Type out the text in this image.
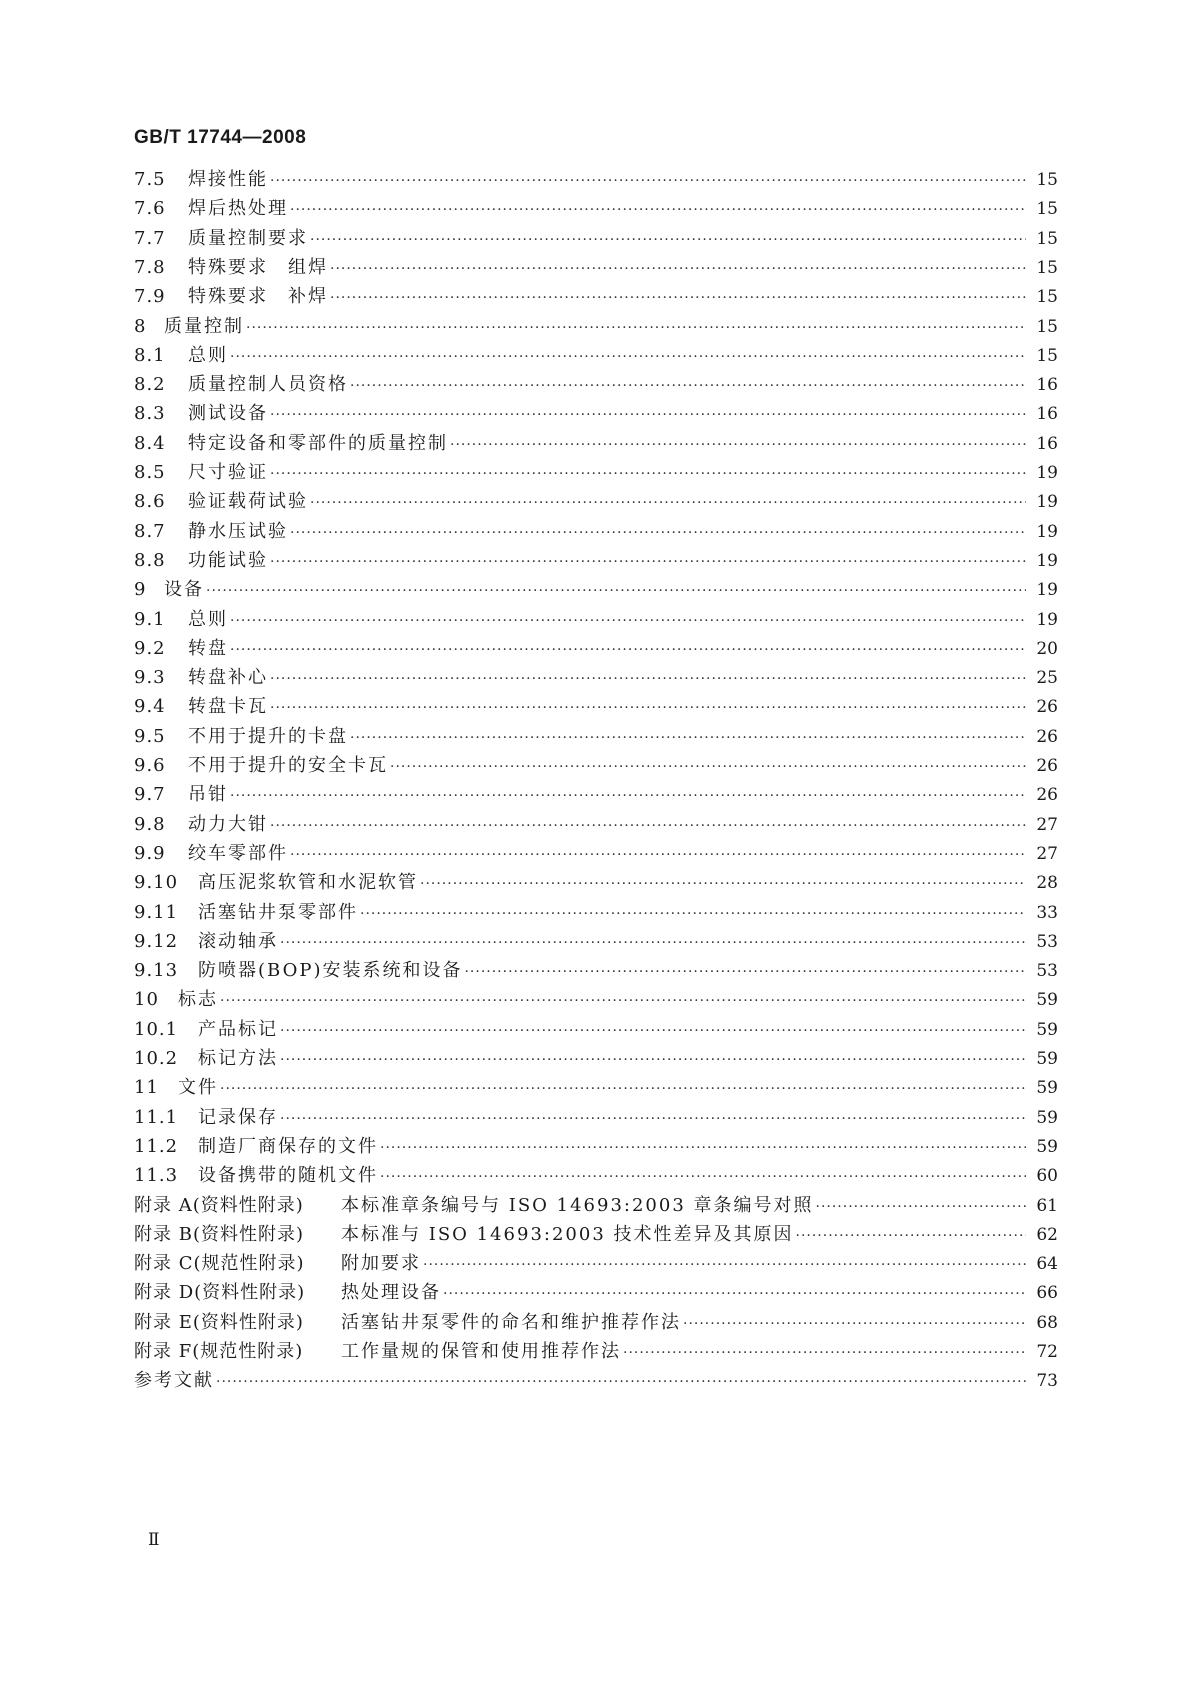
GB/T 17744—2008
7.5	焊接性能 ·····	15
7.6	焊后热处理 ·····	15
7.7	质量控制要求 ·····	15
7.8	特殊要求　组焊 ·····	15
7.9	特殊要求　补焊 ·····	15
8 质量控制 ·····	15
8.1	总则 ·····	15
8.2	质量控制人员资格 ·····	16
8.3	测试设备 ·····	16
8.4	特定设备和零部件的质量控制 ·····	16
8.5	尺寸验证 ·····	19
8.6	验证载荷试验 ·····	19
8.7	静水压试验 ·····	19
8.8	功能试验 ·····	19
9 设备 ·····	19
9.1	总则 ·····	19
9.2	转盘 ·····	20
9.3	转盘补心 ·····	25
9.4	转盘卡瓦 ·····	26
9.5	不用于提升的卡盘 ·····	26
9.6	不用于提升的安全卡瓦 ·····	26
9.7	吊钳 ·····	26
9.8	动力大钳 ·····	27
9.9	绞车零部件 ·····	27
9.10	高压泥浆软管和水泥软管 ·····	28
9.11	活塞钻井泵零部件 ·····	33
9.12	滚动轴承 ·····	53
9.13	防喷器(BOP)安装系统和设备 ·····	53
10	标志 ·····	59
10.1	产品标记 ·····	59
10.2	标记方法 ·····	59
11	文件 ·····	59
11.1	记录保存 ·····	59
11.2	制造厂商保存的文件 ·····	59
11.3	设备携带的随机文件 ·····	60
附录 A(资料性附录)	本标准章条编号与 ISO 14693:2003 章条编号对照 ·····	61
附录 B(资料性附录)	本标准与 ISO 14693:2003 技术性差异及其原因 ·····	62
附录 C(规范性附录)	附加要求 ·····	64
附录 D(资料性附录)	热处理设备 ·····	66
附录 E(资料性附录)	活塞钻井泵零件的命名和维护推荐作法 ·····	68
附录 F(规范性附录)	工作量规的保管和使用推荐作法 ·····	72
参考文献 ·····	73
Ⅱ
